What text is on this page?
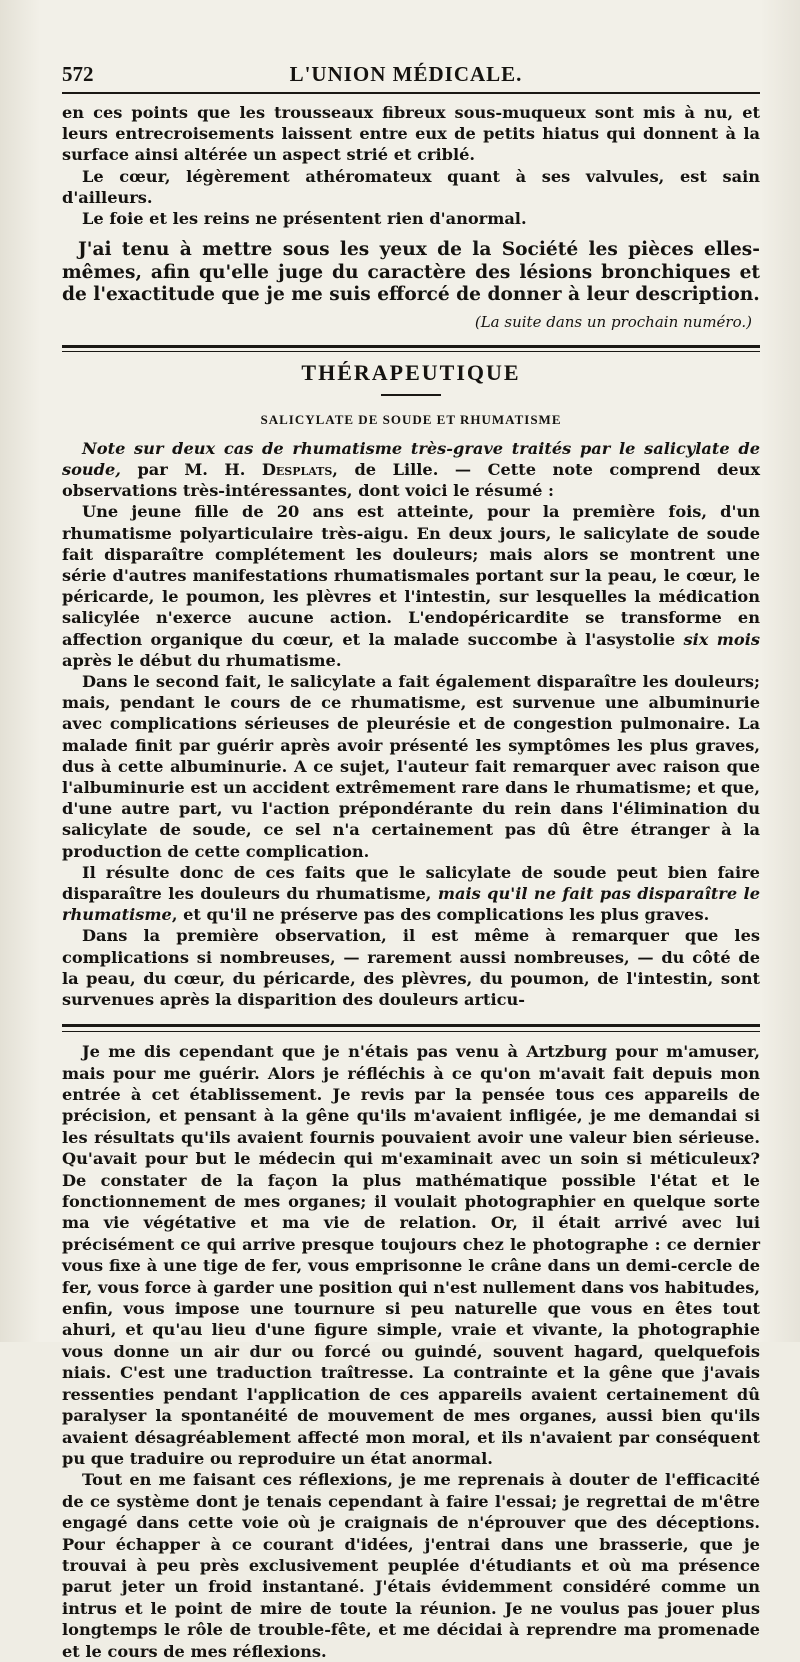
572	L'UNION MÉDICALE.

en ces points que les trousseaux fibreux sous-muqueux sont mis à nu, et leurs entrecroisements laissent entre eux de petits hiatus qui donnent à la surface ainsi altérée un aspect strié et criblé.

Le cœur, légèrement athéromateux quant à ses valvules, est sain d'ailleurs.

Le foie et les reins ne présentent rien d'anormal.

J'ai tenu à mettre sous les yeux de la Société les pièces elles-mêmes, afin qu'elle juge du caractère des lésions bronchiques et de l'exactitude que je me suis efforcé de donner à leur description.

(La suite dans un prochain numéro.)
THÉRAPEUTIQUE
SALICYLATE DE SOUDE ET RHUMATISME

Note sur deux cas de rhumatisme très-grave traités par le salicylate de soude, par M. H. Desplats, de Lille. — Cette note comprend deux observations très-intéressantes, dont voici le résumé :

Une jeune fille de 20 ans est atteinte, pour la première fois, d'un rhumatisme polyarticulaire très-aigu. En deux jours, le salicylate de soude fait disparaître complétement les douleurs; mais alors se montrent une série d'autres manifestations rhumatismales portant sur la peau, le cœur, le péricarde, le poumon, les plèvres et l'intestin, sur lesquelles la médication salicylée n'exerce aucune action. L'endopéricardite se transforme en affection organique du cœur, et la malade succombe à l'asystolie six mois après le début du rhumatisme.

Dans le second fait, le salicylate a fait également disparaître les douleurs; mais, pendant le cours de ce rhumatisme, est survenue une albuminurie avec complications sérieuses de pleurésie et de congestion pulmonaire. La malade finit par guérir après avoir présenté les symptômes les plus graves, dus à cette albuminurie. A ce sujet, l'auteur fait remarquer avec raison que l'albuminurie est un accident extrêmement rare dans le rhumatisme; et que, d'une autre part, vu l'action prépondérante du rein dans l'élimination du salicylate de soude, ce sel n'a certainement pas dû être étranger à la production de cette complication.

Il résulte donc de ces faits que le salicylate de soude peut bien faire disparaître les douleurs du rhumatisme, mais qu'il ne fait pas disparaître le rhumatisme, et qu'il ne préserve pas des complications les plus graves.

Dans la première observation, il est même à remarquer que les complications si nombreuses, — rarement aussi nombreuses, — du côté de la peau, du cœur, du péricarde, des plèvres, du poumon, de l'intestin, sont survenues après la disparition des douleurs articu-

Je me dis cependant que je n'étais pas venu à Artzburg pour m'amuser, mais pour me guérir. Alors je réfléchis à ce qu'on m'avait fait depuis mon entrée à cet établissement. Je revis par la pensée tous ces appareils de précision, et pensant à la gêne qu'ils m'avaient infligée, je me demandai si les résultats qu'ils avaient fournis pouvaient avoir une valeur bien sérieuse. Qu'avait pour but le médecin qui m'examinait avec un soin si méticuleux? De constater de la façon la plus mathématique possible l'état et le fonctionnement de mes organes; il voulait photographier en quelque sorte ma vie végétative et ma vie de relation. Or, il était arrivé avec lui précisément ce qui arrive presque toujours chez le photographe : ce dernier vous fixe à une tige de fer, vous emprisonne le crâne dans un demi-cercle de fer, vous force à garder une position qui n'est nullement dans vos habitudes, enfin, vous impose une tournure si peu naturelle que vous en êtes tout ahuri, et qu'au lieu d'une figure simple, vraie et vivante, la photographie vous donne un air dur ou forcé ou guindé, souvent hagard, quelquefois niais. C'est une traduction traîtresse. La contrainte et la gêne que j'avais ressenties pendant l'application de ces appareils avaient certainement dû paralyser la spontanéité de mouvement de mes organes, aussi bien qu'ils avaient désagréablement affecté mon moral, et ils n'avaient par conséquent pu que traduire ou reproduire un état anormal.

Tout en me faisant ces réflexions, je me reprenais à douter de l'efficacité de ce système dont je tenais cependant à faire l'essai; je regrettai de m'être engagé dans cette voie où je craignais de n'éprouver que des déceptions. Pour échapper à ce courant d'idées, j'entrai dans une brasserie, que je trouvai à peu près exclusivement peuplée d'étudiants et où ma présence parut jeter un froid instantané. J'étais évidemment considéré comme un intrus et le point de mire de toute la réunion. Je ne voulus pas jouer plus longtemps le rôle de trouble-fête, et me décidai à reprendre ma promenade et le cours de mes réflexions.
